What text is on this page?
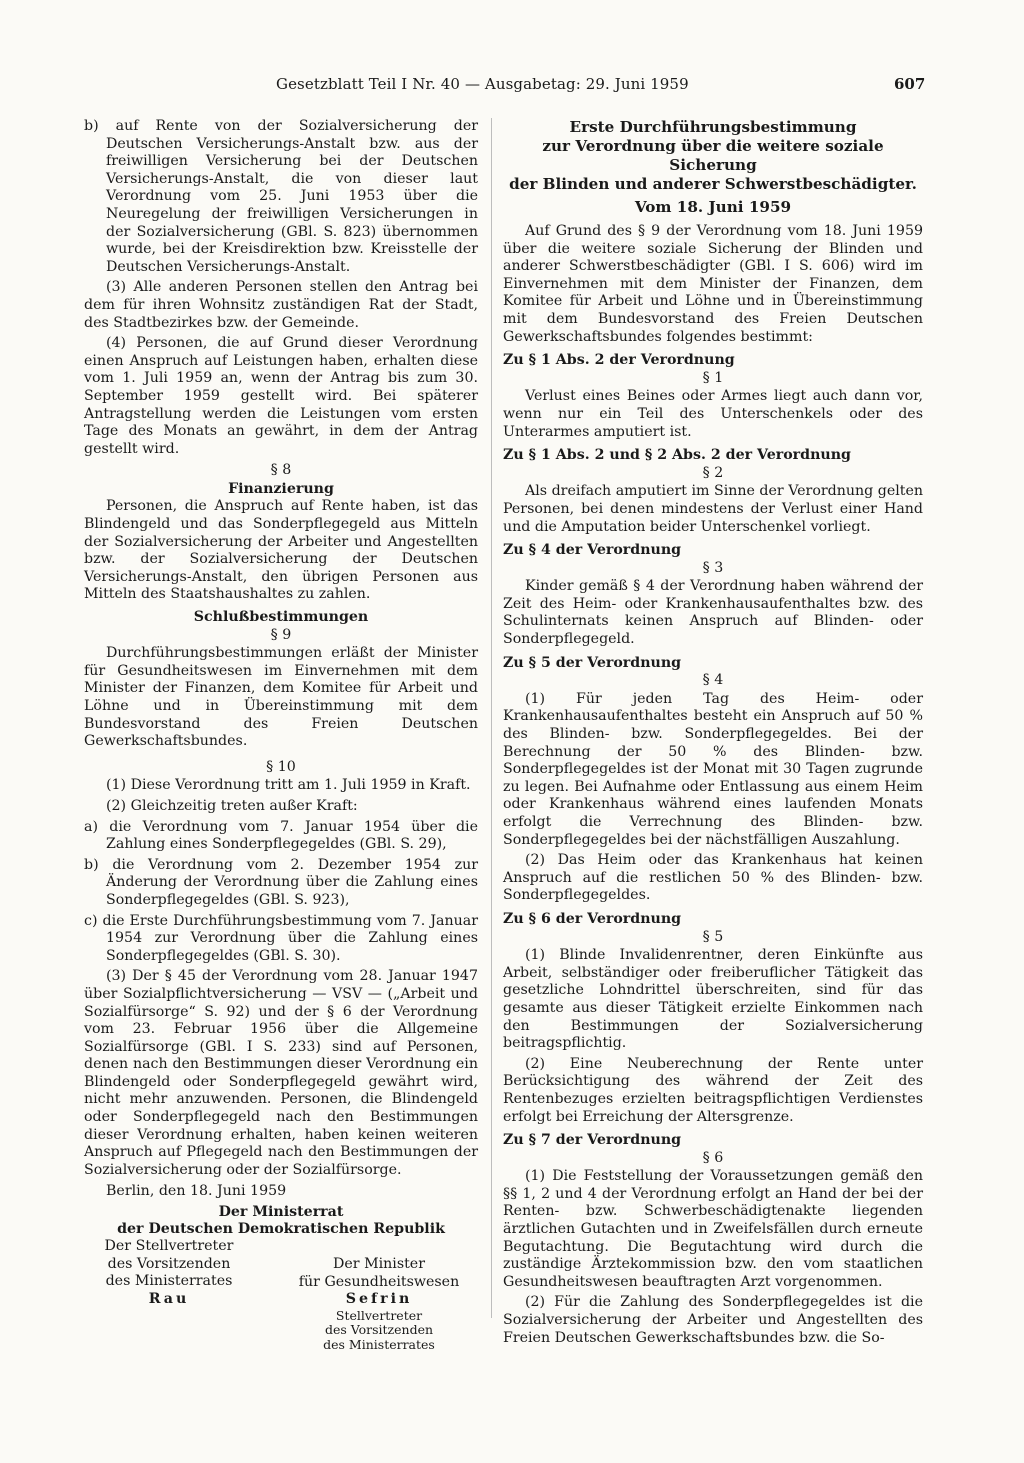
Gesetzblatt Teil I Nr. 40 — Ausgabetag: 29. Juni 1959	607

b) auf Rente von der Sozialversicherung der Deutschen Versicherungs-Anstalt bzw. aus der freiwilligen Versicherung bei der Deutschen Versicherungs-Anstalt, die von dieser laut Verordnung vom 25. Juni 1953 über die Neuregelung der freiwilligen Versicherungen in der Sozialversicherung (GBl. S. 823) übernommen wurde, bei der Kreisdirektion bzw. Kreisstelle der Deutschen Versicherungs-Anstalt.

(3) Alle anderen Personen stellen den Antrag bei dem für ihren Wohnsitz zuständigen Rat der Stadt, des Stadtbezirkes bzw. der Gemeinde.

(4) Personen, die auf Grund dieser Verordnung einen Anspruch auf Leistungen haben, erhalten diese vom 1. Juli 1959 an, wenn der Antrag bis zum 30. September 1959 gestellt wird. Bei späterer Antragstellung werden die Leistungen vom ersten Tage des Monats an gewährt, in dem der Antrag gestellt wird.

§ 8

Finanzierung

Personen, die Anspruch auf Rente haben, ist das Blindengeld und das Sonderpflegegeld aus Mitteln der Sozialversicherung der Arbeiter und Angestellten bzw. der Sozialversicherung der Deutschen Versicherungs-Anstalt, den übrigen Personen aus Mitteln des Staatshaushaltes zu zahlen.

Schlußbestimmungen

§ 9

Durchführungsbestimmungen erläßt der Minister für Gesundheitswesen im Einvernehmen mit dem Minister der Finanzen, dem Komitee für Arbeit und Löhne und in Übereinstimmung mit dem Bundesvorstand des Freien Deutschen Gewerkschaftsbundes.

§ 10

(1) Diese Verordnung tritt am 1. Juli 1959 in Kraft.

(2) Gleichzeitig treten außer Kraft:

a) die Verordnung vom 7. Januar 1954 über die Zahlung eines Sonderpflegegeldes (GBl. S. 29),

b) die Verordnung vom 2. Dezember 1954 zur Änderung der Verordnung über die Zahlung eines Sonderpflegegeldes (GBl. S. 923),

c) die Erste Durchführungsbestimmung vom 7. Januar 1954 zur Verordnung über die Zahlung eines Sonderpflegegeldes (GBl. S. 30).

(3) Der § 45 der Verordnung vom 28. Januar 1947 über Sozialpflichtversicherung — VSV — („Arbeit und Sozialfürsorge“ S. 92) und der § 6 der Verordnung vom 23. Februar 1956 über die Allgemeine Sozialfürsorge (GBl. I S. 233) sind auf Personen, denen nach den Bestimmungen dieser Verordnung ein Blindengeld oder Sonderpflegegeld gewährt wird, nicht mehr anzuwenden. Personen, die Blindengeld oder Sonderpflegegeld nach den Bestimmungen dieser Verordnung erhalten, haben keinen weiteren Anspruch auf Pflegegeld nach den Bestimmungen der Sozialversicherung oder der Sozialfürsorge.

Berlin, den 18. Juni 1959

Der Ministerrat
der Deutschen Demokratischen Republik
Der Stellvertreter
des Vorsitzenden
des Ministerrates
Rau
Der Minister
für Gesundheitswesen
Sefrin
Stellvertreter
des Vorsitzenden
des Ministerrates
Erste Durchführungsbestimmung
zur Verordnung über die weitere soziale Sicherung
der Blinden und anderer Schwerstbeschädigter.
Vom 18. Juni 1959

Auf Grund des § 9 der Verordnung vom 18. Juni 1959 über die weitere soziale Sicherung der Blinden und anderer Schwerstbeschädigter (GBl. I S. 606) wird im Einvernehmen mit dem Minister der Finanzen, dem Komitee für Arbeit und Löhne und in Übereinstimmung mit dem Bundesvorstand des Freien Deutschen Gewerkschaftsbundes folgendes bestimmt:

Zu § 1 Abs. 2 der Verordnung

§ 1

Verlust eines Beines oder Armes liegt auch dann vor, wenn nur ein Teil des Unterschenkels oder des Unterarmes amputiert ist.

Zu § 1 Abs. 2 und § 2 Abs. 2 der Verordnung

§ 2

Als dreifach amputiert im Sinne der Verordnung gelten Personen, bei denen mindestens der Verlust einer Hand und die Amputation beider Unterschenkel vorliegt.

Zu § 4 der Verordnung

§ 3

Kinder gemäß § 4 der Verordnung haben während der Zeit des Heim- oder Krankenhausaufenthaltes bzw. des Schulinternats keinen Anspruch auf Blinden- oder Sonderpflegegeld.

Zu § 5 der Verordnung

§ 4

(1) Für jeden Tag des Heim- oder Krankenhausaufenthaltes besteht ein Anspruch auf 50 % des Blinden- bzw. Sonderpflegegeldes. Bei der Berechnung der 50 % des Blinden- bzw. Sonderpflegegeldes ist der Monat mit 30 Tagen zugrunde zu legen. Bei Aufnahme oder Entlassung aus einem Heim oder Krankenhaus während eines laufenden Monats erfolgt die Verrechnung des Blinden- bzw. Sonderpflegegeldes bei der nächstfälligen Auszahlung.

(2) Das Heim oder das Krankenhaus hat keinen Anspruch auf die restlichen 50 % des Blinden- bzw. Sonderpflegegeldes.

Zu § 6 der Verordnung

§ 5

(1) Blinde Invalidenrentner, deren Einkünfte aus Arbeit, selbständiger oder freiberuflicher Tätigkeit das gesetzliche Lohndrittel überschreiten, sind für das gesamte aus dieser Tätigkeit erzielte Einkommen nach den Bestimmungen der Sozialversicherung beitragspflichtig.

(2) Eine Neuberechnung der Rente unter Berücksichtigung des während der Zeit des Rentenbezuges erzielten beitragspflichtigen Verdienstes erfolgt bei Erreichung der Altersgrenze.

Zu § 7 der Verordnung

§ 6

(1) Die Feststellung der Voraussetzungen gemäß den §§ 1, 2 und 4 der Verordnung erfolgt an Hand der bei der Renten- bzw. Schwerbeschädigtenakte liegenden ärztlichen Gutachten und in Zweifelsfällen durch erneute Begutachtung. Die Begutachtung wird durch die zuständige Ärztekommission bzw. den vom staatlichen Gesundheitswesen beauftragten Arzt vorgenommen.

(2) Für die Zahlung des Sonderpflegegeldes ist die Sozialversicherung der Arbeiter und Angestellten des Freien Deutschen Gewerkschaftsbundes bzw. die So-
